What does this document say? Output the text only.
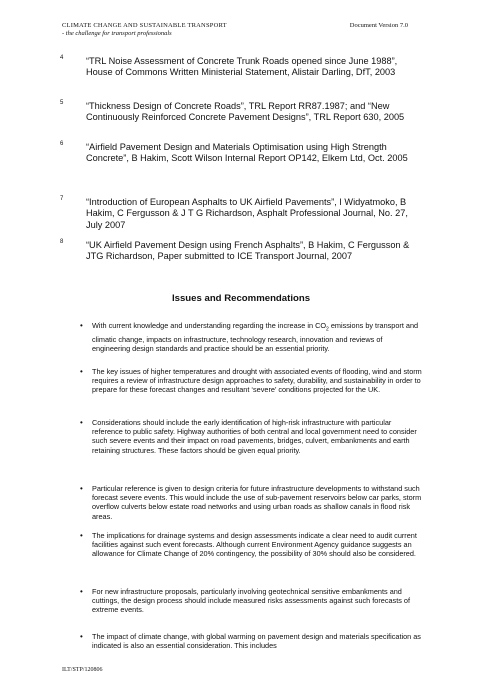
CLIMATE CHANGE AND SUSTAINABLE TRANSPORT
- the challenge for transport professionals
Document Version 7.0
4 “TRL Noise Assessment of Concrete Trunk Roads opened since June 1988”, House of Commons Written Ministerial Statement, Alistair Darling, DfT, 2003
5 “Thickness Design of Concrete Roads”, TRL Report RR87.1987; and “New Continuously Reinforced Concrete Pavement Designs”, TRL Report 630, 2005
6 “Airfield Pavement Design and Materials Optimisation using High Strength Concrete”, B Hakim, Scott Wilson Internal Report OP142, Elkem Ltd, Oct. 2005
7 “Introduction of European Asphalts to UK Airfield Pavements”, I Widyatmoko, B Hakim, C Fergusson & J T G Richardson, Asphalt Professional Journal, No. 27, July 2007
8 “UK Airfield Pavement Design using French Asphalts”, B Hakim, C Fergusson & JTG Richardson, Paper submitted to ICE Transport Journal, 2007
Issues and Recommendations
• With current knowledge and understanding regarding the increase in $CO_2$ emissions by transport and climatic change, impacts on infrastructure, technology research, innovation and reviews of engineering design standards and practice should be an essential priority.
• The key issues of higher temperatures and drought with associated events of flooding, wind and storm requires a review of infrastructure design approaches to safety, durability, and sustainability in order to prepare for these forecast changes and resultant ‘severe’ conditions projected for the UK.
• Considerations should include the early identification of high-risk infrastructure with particular reference to public safety. Highway authorities of both central and local government need to consider such severe events and their impact on road pavements, bridges, culvert, embankments and earth retaining structures. These factors should be given equal priority.
• Particular reference is given to design criteria for future infrastructure developments to withstand such forecast severe events. This would include the use of sub-pavement reservoirs below car parks, storm overflow culverts below estate road networks and using urban roads as shallow canals in flood risk areas.
• The implications for drainage systems and design assessments indicate a clear need to audit current facilities against such event forecasts. Although current Environment Agency guidance suggests an allowance for Climate Change of 20% contingency, the possibility of 30% should also be considered.
• For new infrastructure proposals, particularly involving geotechnical sensitive embankments and cuttings, the design process should include measured risks assessments against such forecasts of extreme events.
• The impact of climate change, with global warming on pavement design and materials specification as indicated is also an essential consideration. This includes
ILT/STP/120806
